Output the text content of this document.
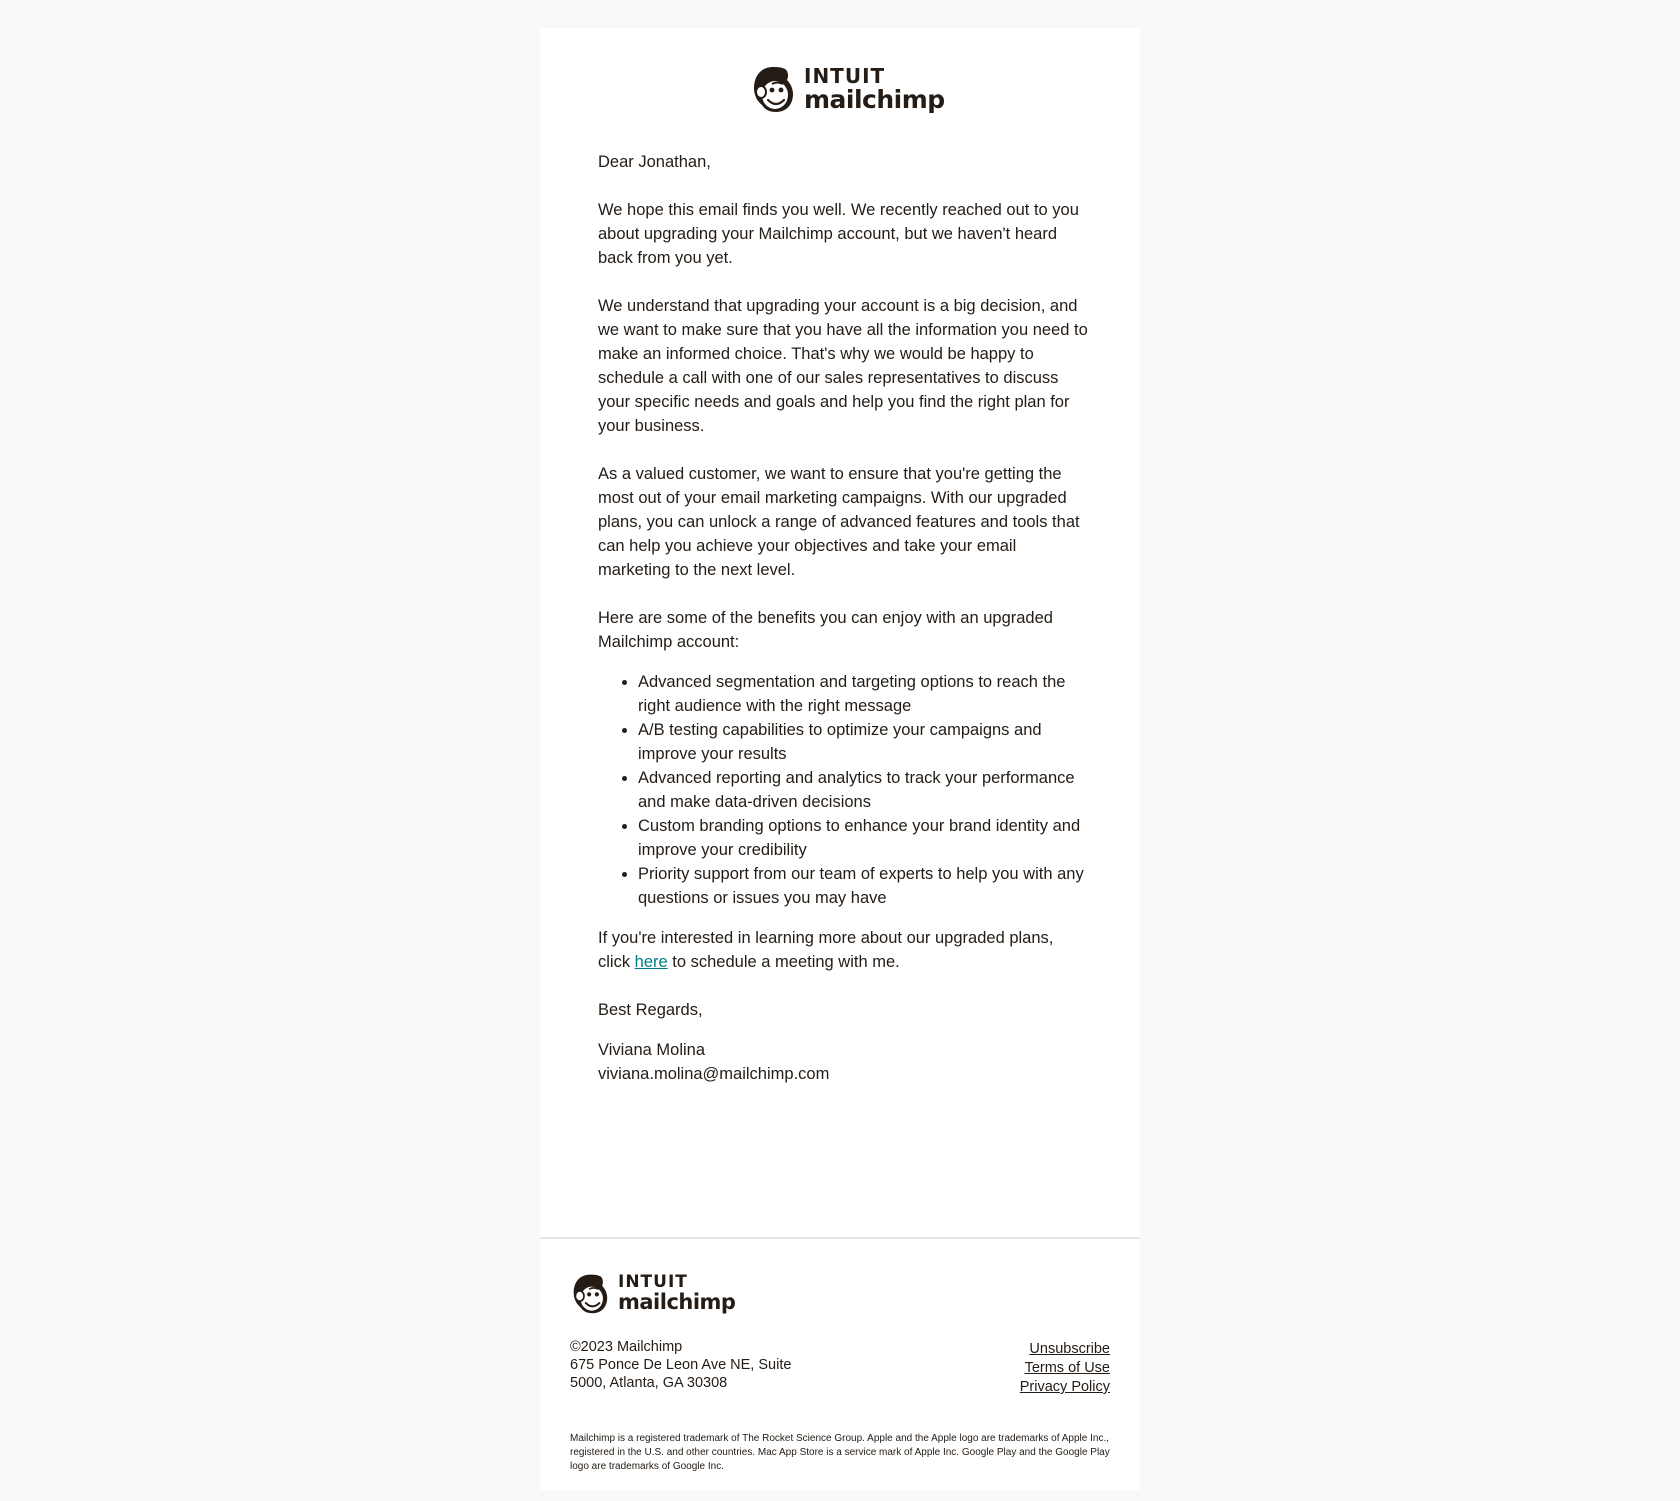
INTUIT
mailchimp

Dear Jonathan,

We hope this email finds you well. We recently reached out to you about upgrading your Mailchimp account, but we haven't heard back from you yet.

We understand that upgrading your account is a big decision, and we want to make sure that you have all the information you need to make an informed choice. That's why we would be happy to schedule a call with one of our sales representatives to discuss your specific needs and goals and help you find the right plan for your business.

As a valued customer, we want to ensure that you're getting the most out of your email marketing campaigns. With our upgraded plans, you can unlock a range of advanced features and tools that can help you achieve your objectives and take your email marketing to the next level.

Here are some of the benefits you can enjoy with an upgraded Mailchimp account:

• Advanced segmentation and targeting options to reach the right audience with the right message
• A/B testing capabilities to optimize your campaigns and improve your results
• Advanced reporting and analytics to track your performance and make data-driven decisions
• Custom branding options to enhance your brand identity and improve your credibility
• Priority support from our team of experts to help you with any questions or issues you may have

If you're interested in learning more about our upgraded plans, click here to schedule a meeting with me.

Best Regards,

Viviana Molina

viviana.molina@mailchimp.com

INTUIT
mailchimp
©2023 Mailchimp
675 Ponce De Leon Ave NE, Suite
5000, Atlanta, GA 30308
Unsubscribe
Terms of Use
Privacy Policy
Mailchimp is a registered trademark of The Rocket Science Group. Apple and the Apple logo are trademarks of Apple Inc., registered in the U.S. and other countries. Mac App Store is a service mark of Apple Inc. Google Play and the Google Play logo are trademarks of Google Inc.
